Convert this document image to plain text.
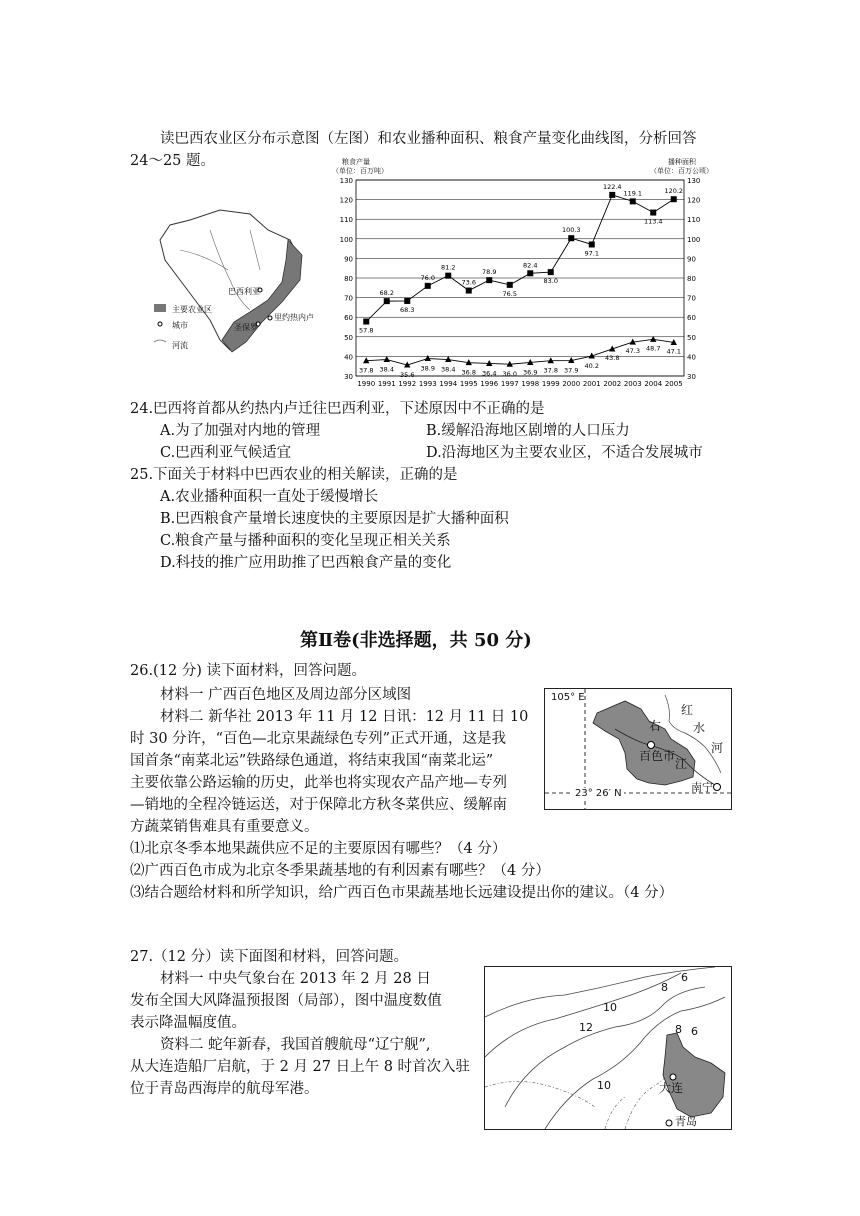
读巴西农业区分布示意图（左图）和农业播种面积、粮食产量变化曲线图，分析回答
24～25 题。
巴西利亚
里约热内卢
圣保罗
主要农业区
城市
河流
粮食产量
（单位：百万吨）
播种面积
（单位：百万公顷）
30	30
40	40
50	50
60	60
70	70
80	80
90	90
100	100
110	110
120	120
130	130
1990 1991 1992 1993 1994 1995 1996 1997 1998 1999 2000 2001 2002 2003 2004 2005
57.8
68.2
68.3
76.0
81.2
73.6
78.9
76.5
82.4
83.0
100.3
97.1
122.4
119.1
113.4
120.2
37.8 38.4
35.6
38.9 38.4 36.8 36.4 36.0 36.9 37.8 37.9
40.2
43.8
47.3 48.7 47.1
24.巴西将首都从约热内卢迁往巴西利亚，下述原因中不正确的是
A.为了加强对内地的管理	B.缓解沿海地区剧增的人口压力
C.巴西利亚气候适宜	D.沿海地区为主要农业区，不适合发展城市
25.下面关于材料中巴西农业的相关解读，正确的是
A.农业播种面积一直处于缓慢增长
B.巴西粮食产量增长速度快的主要原因是扩大播种面积
C.粮食产量与播种面积的变化呈现正相关关系
D.科技的推广应用助推了巴西粮食产量的变化
第Ⅱ卷(非选择题，共 50 分)
26.(12 分) 读下面材料，回答问题。
材料一 广西百色地区及周边部分区域图
材料二 新华社 2013 年 11 月 12 日讯：12 月 11 日 10
时 30 分许，“百色—北京果蔬绿色专列”正式开通，这是我
国首条“南菜北运”铁路绿色通道，将结束我国“南菜北运”
主要依靠公路运输的历史，此举也将实现农产品产地—专列
—销地的全程冷链运送，对于保障北方秋冬菜供应、缓解南
方蔬菜销售难具有重要意义。
⑴北京冬季本地果蔬供应不足的主要原因有哪些？（4 分）
⑵广西百色市成为北京冬季果蔬基地的有利因素有哪些？（4 分）
⑶结合题给材料和所学知识，给广西百色市果蔬基地长远建设提出你的建议。（4 分）
105° E
23° 26′ N
右
百色市
江
红
水
河
南宁
27.（12 分）读下面图和材料，回答问题。
材料一 中央气象台在 2013 年 2 月 28 日
发布全国大风降温预报图（局部），图中温度数值
表示降温幅度值。
资料二 蛇年新春，我国首艘航母“辽宁舰”,
从大连造船厂启航，于 2 月 27 日上午 8 时首次入驻
位于青岛西海岸的航母军港。
6
8
10
12	8 6
10	大连
青岛
